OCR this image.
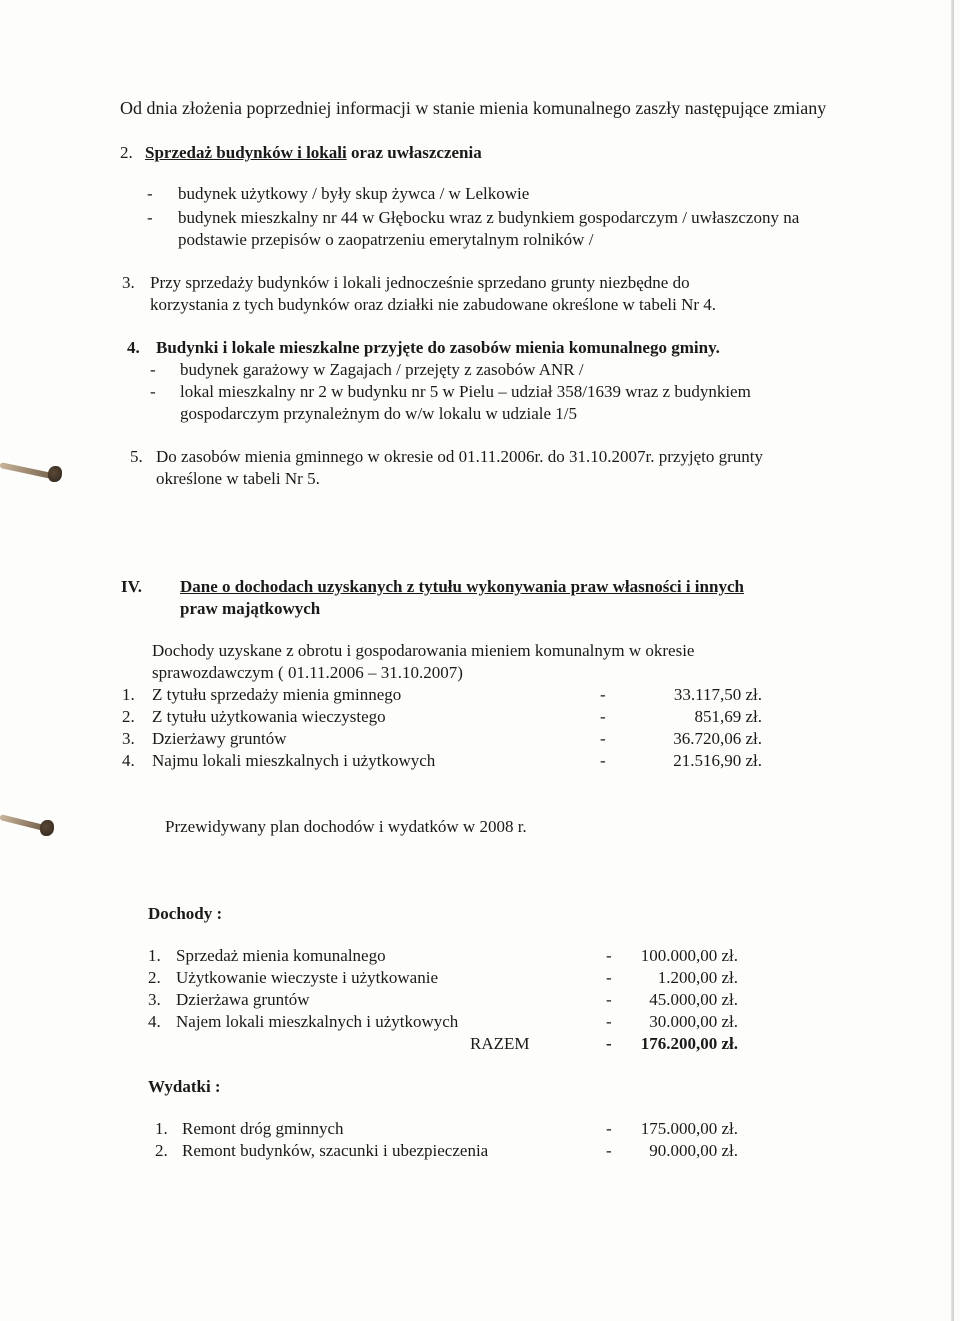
Od dnia złożenia poprzedniej informacji w stanie mienia komunalnego zaszły następujące zmiany
2. Sprzedaż budynków i lokali oraz uwłaszczenia
- budynek użytkowy / były skup żywca / w Lelkowie
- budynek mieszkalny nr 44 w Głębocku wraz z budynkiem gospodarczym / uwłaszczony na
podstawie przepisów o zaopatrzeniu emerytalnym rolników /
3. Przy sprzedaży budynków i lokali jednocześnie sprzedano grunty niezbędne do
korzystania z tych budynków oraz działki nie zabudowane określone w tabeli Nr 4.
4. Budynki i lokale mieszkalne przyjęte do zasobów mienia komunalnego gminy.
- budynek garażowy w Zagajach / przejęty z zasobów ANR /
- lokal mieszkalny nr 2 w budynku nr 5 w Pielu – udział 358/1639 wraz z budynkiem
gospodarczym przynależnym do w/w lokalu w udziale 1/5
5. Do zasobów mienia gminnego w okresie od 01.11.2006r. do 31.10.2007r. przyjęto grunty
określone w tabeli Nr 5.
IV. Dane o dochodach uzyskanych z tytułu wykonywania praw własności i innych
praw majątkowych
Dochody uzyskane z obrotu i gospodarowania mieniem komunalnym w okresie
sprawozdawczym ( 01.11.2006 – 31.10.2007)
1. Z tytułu sprzedaży mienia gminnego	-	33.117,50 zł.
2. Z tytułu użytkowania wieczystego	-	851,69 zł.
3. Dzierżawy gruntów	-	36.720,06 zł.
4. Najmu lokali mieszkalnych i użytkowych	-	21.516,90 zł.
Przewidywany plan dochodów i wydatków w 2008 r.
Dochody :
1. Sprzedaż mienia komunalnego	- 100.000,00 zł.
2. Użytkowanie wieczyste i użytkowanie	-	1.200,00 zł.
3. Dzierżawa gruntów	- 45.000,00 zł.
4. Najem lokali mieszkalnych i użytkowych	- 30.000,00 zł.
RAZEM	- 176.200,00 zł.
Wydatki :
1. Remont dróg gminnych	- 175.000,00 zł.
2. Remont budynków, szacunki i ubezpieczenia	- 90.000,00 zł.
